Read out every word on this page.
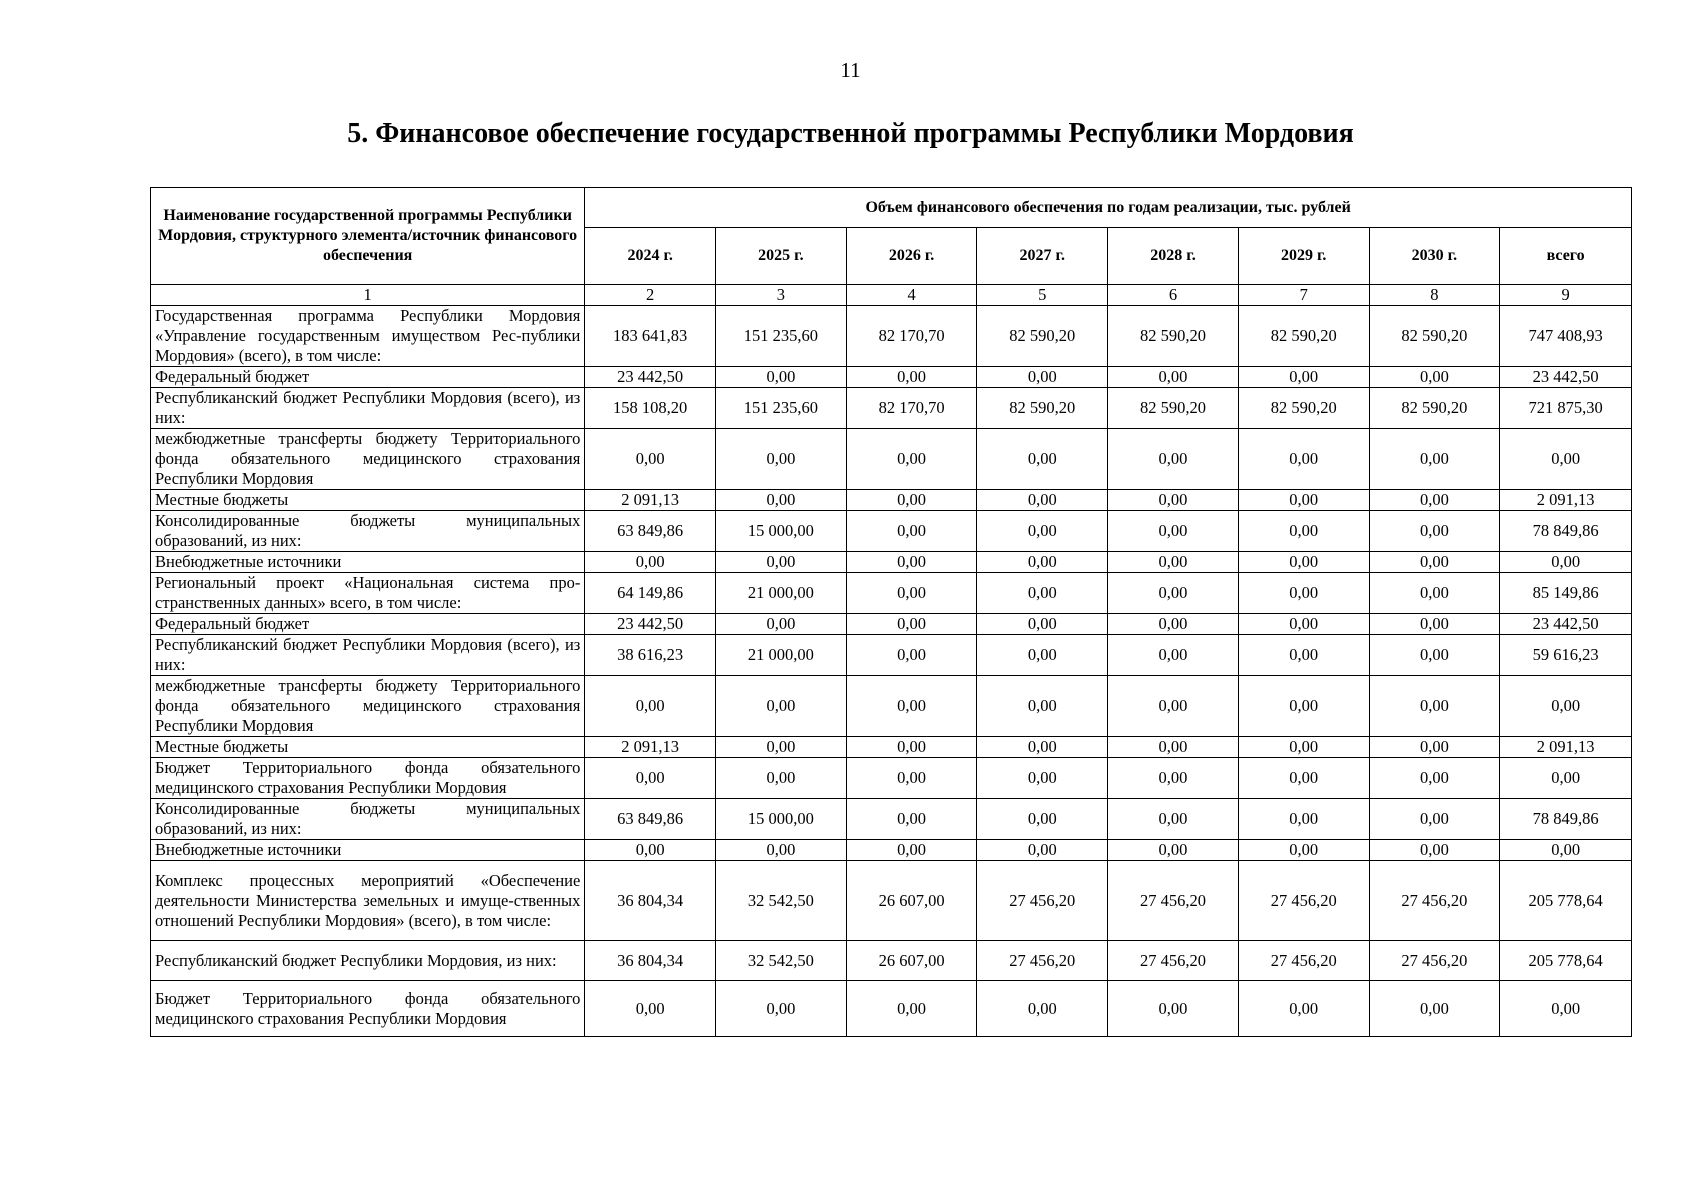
11
5. Финансовое обеспечение государственной программы Республики Мордовия
Наименование государственной программы Республики Мордовия, структурного элемента/источник финансового обеспечения	Объем финансового обеспечения по годам реализации, тыс. рублей							
	2024 г.	2025 г.	2026 г.	2027 г.	2028 г.	2029 г.	2030 г.	всего
1	2	3	4	5	6	7	8	9
Государственная программа Республики Мордовия «Управление государственным имуществом Рес-публики Мордовия» (всего), в том числе:	183 641,83	151 235,60	82 170,70	82 590,20	82 590,20	82 590,20	82 590,20	747 408,93
Федеральный бюджет	23 442,50	0,00	0,00	0,00	0,00	0,00	0,00	23 442,50
Республиканский бюджет Республики Мордовия (всего), из них:	158 108,20	151 235,60	82 170,70	82 590,20	82 590,20	82 590,20	82 590,20	721 875,30
межбюджетные трансферты бюджету Территориального фонда обязательного медицинского страхования Республики Мордовия	0,00	0,00	0,00	0,00	0,00	0,00	0,00	0,00
Местные бюджеты	2 091,13	0,00	0,00	0,00	0,00	0,00	0,00	2 091,13
Консолидированные бюджеты муниципальных образований, из них:	63 849,86	15 000,00	0,00	0,00	0,00	0,00	0,00	78 849,86
Внебюджетные источники	0,00	0,00	0,00	0,00	0,00	0,00	0,00	0,00
Региональный проект «Национальная система про-странственных данных» всего, в том числе:	64 149,86	21 000,00	0,00	0,00	0,00	0,00	0,00	85 149,86
Федеральный бюджет	23 442,50	0,00	0,00	0,00	0,00	0,00	0,00	23 442,50
Республиканский бюджет Республики Мордовия (всего), из них:	38 616,23	21 000,00	0,00	0,00	0,00	0,00	0,00	59 616,23
межбюджетные трансферты бюджету Территориального фонда обязательного медицинского страхования Республики Мордовия	0,00	0,00	0,00	0,00	0,00	0,00	0,00	0,00
Местные бюджеты	2 091,13	0,00	0,00	0,00	0,00	0,00	0,00	2 091,13
Бюджет Территориального фонда обязательного медицинского страхования Республики Мордовия	0,00	0,00	0,00	0,00	0,00	0,00	0,00	0,00
Консолидированные бюджеты муниципальных образований, из них:	63 849,86	15 000,00	0,00	0,00	0,00	0,00	0,00	78 849,86
Внебюджетные источники	0,00	0,00	0,00	0,00	0,00	0,00	0,00	0,00
Комплекс процессных мероприятий «Обеспечение деятельности Министерства земельных и имуще-ственных отношений Республики Мордовия» (всего), в том числе:	36 804,34	32 542,50	26 607,00	27 456,20	27 456,20	27 456,20	27 456,20	205 778,64
Республиканский бюджет Республики Мордовия, из них:	36 804,34	32 542,50	26 607,00	27 456,20	27 456,20	27 456,20	27 456,20	205 778,64
Бюджет Территориального фонда обязательного медицинского страхования Республики Мордовия	0,00	0,00	0,00	0,00	0,00	0,00	0,00	0,00
